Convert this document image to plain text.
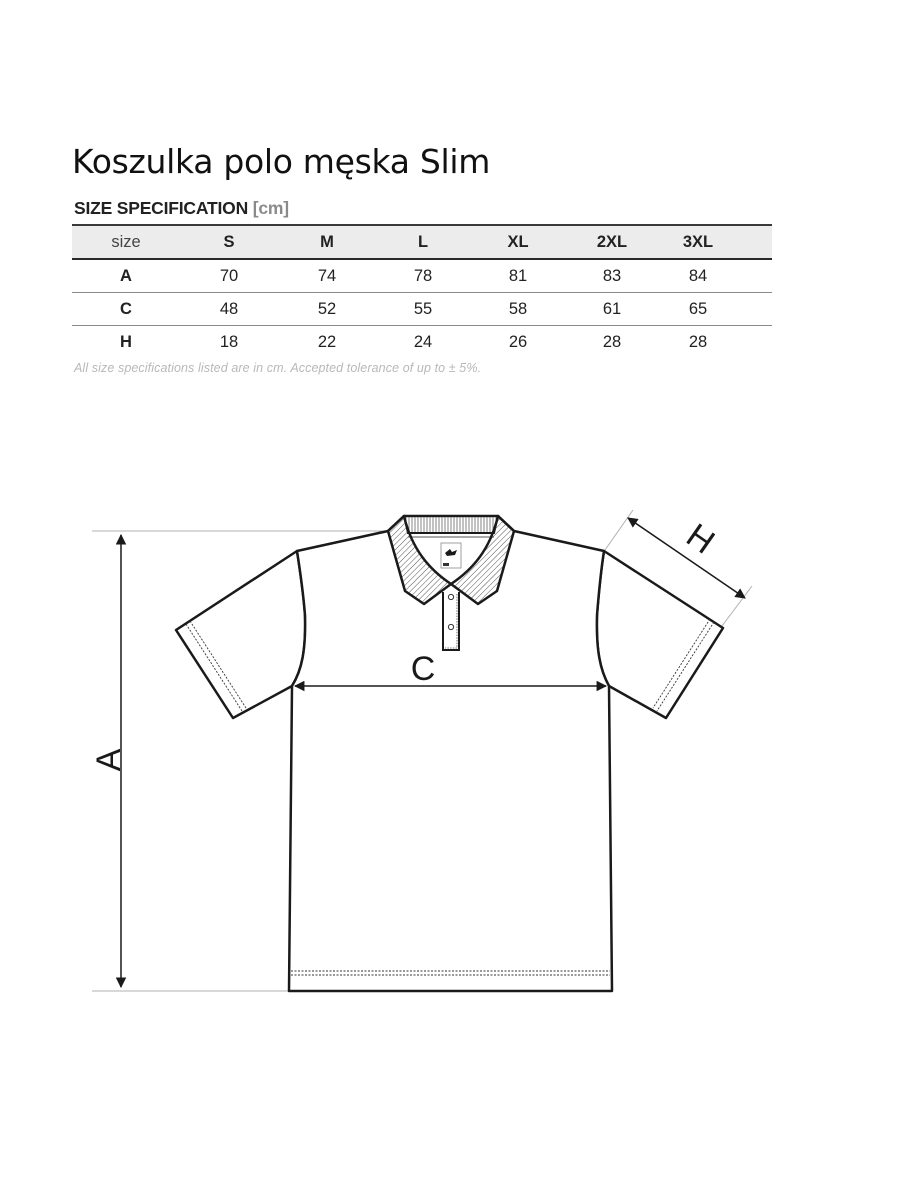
Koszulka polo męska Slim
SIZE SPECIFICATION [cm]
size	S	M	L	XL	2XL	3XL	
A	70	74	78	81	83	84	
C	48	52	55	58	61	65	
H	18	22	24	26	28	28	
All size specifications listed are in cm. Accepted tolerance of up to ± 5%.
A
C
H
